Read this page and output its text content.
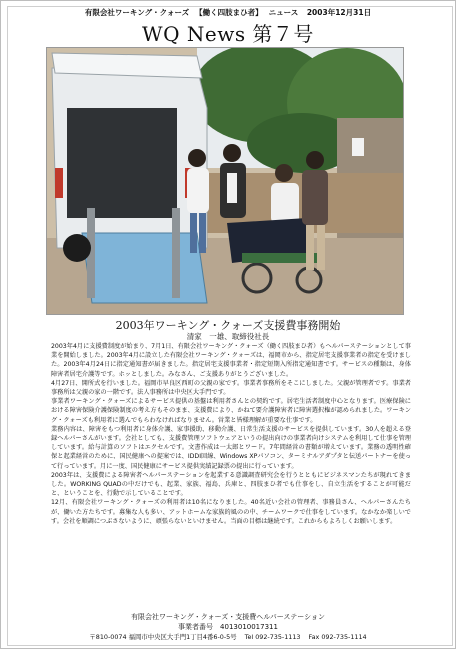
有限会社ワーキング・クォーズ 【働く四肢まひ者】 ニュース 2003年12月31日
WQ News 第７号
2003年ワーキング・クォーズ支援費事務開始
清家　一雄、取締役社長

2003年4月に支援費制度が始まり、7月1日、有限会社ワーキング・クォーズ（働く四肢まひ者）もヘルパーステーションとして事業を開始しました。2003年4月に設立した有限会社ワーキング・クォーズは、福岡市から、指定居宅支援事業者の指定を受けました。2003年4月24日に指定通知書が届きました。指定居宅支援事業者・指定短期入所指定通知書です。サービスの種類は、身体障害者居宅介護等です。ホッとしました。みなさん、ご支援ありがとうございました。

4月27日、開所式を行いました。福岡市早良区西町の父親の家です。事業者事務所をそこにしました。父親が管理者です。事業者事務所は父親の家の一階です。法人事務所は中央区大手門です。

事業者ワーキング・クォーズによるサービス提供の基盤は利用者さんとの契約です。居宅生活者制度中心となります。医療保険における障害保険介護保険制度の考え方もそのまま、支援費により、かねて要介護障害者に障害選択権が認められました。ワーキング・クォーズも利用者に選んでもらわなければなりません。営業と皆様理解が重要な仕事です。

業務内容は、障害をもつ利用者に身体介護、家事援助、移動介護、日常生活支援のサービスを提供しています。30人を超える登録ヘルパーさんがいます。会社としても、支援費管理ソフトウェアというの提出向けの事業者向けシステムを利用して仕事を管理しています。給与計算のソフトはエクセルです。文書作成は一太郎とワード。7年間経営の書類が増えています。業務の透明性確保と起業経営のために、国民健康への提案では、IDDI回線、Windows XPパソコン、ターミナルアダプタと伝送パートナーを使って行っています。月に一度、国民健康にサービス提供実績記録票の提出に行っています。

2003年は、支援費による障害者ヘルパーステーションを起業する意識調査研究会を行うとともにビジネスマンたちが現れてきました。WORKING QUADの中だけでも、起業、家族、福島、兵庫と、四肢まひ者でも仕事をし、自立生活をすることが可能だと、ということを、行動で示していることです。

12月、有限会社ワーキング・クォーズの利用者は10名になりました。40名近い会社の管理者、事務員さん、ヘルパーさんたちが、働いた方たちです。募集な人も多い、アットホームな家族的風のの中、チームワークで仕事をしています。なかなか楽しいです。会社を順調につぶさないように、頑張らないといけません。当面の目標は継続です。これからもよろしくお願いします。

有限会社ワーキング・クォーズ・支援費ヘルパーステーション
事業者番号　4013010017311
〒810-0074 福岡市中央区大手門1丁目4番6-0-5号 Tel 092-735-1113 Fax 092-735-1114
